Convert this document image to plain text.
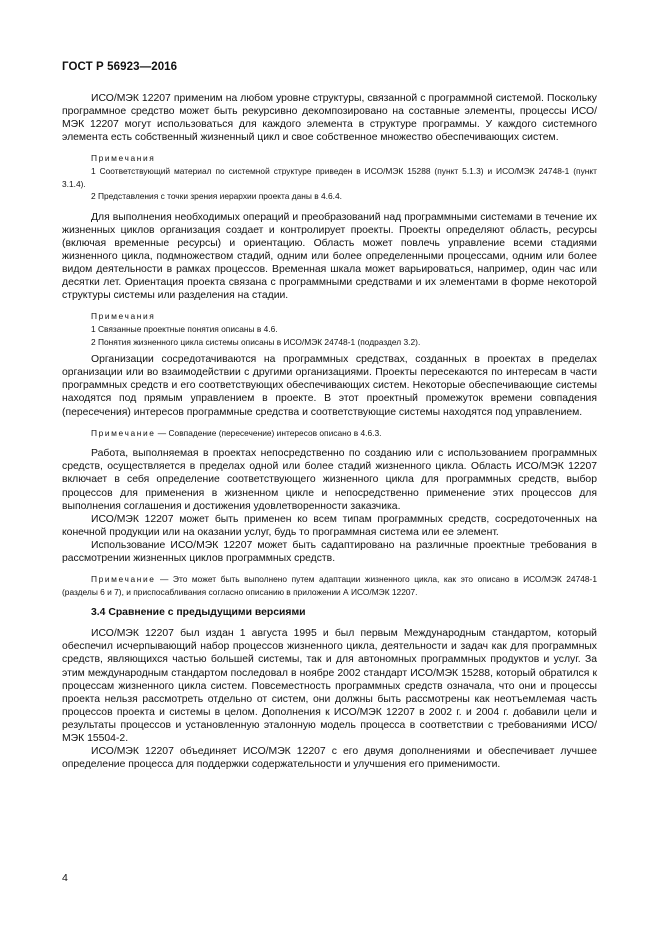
ГОСТ Р 56923—2016

ИСО/МЭК 12207 применим на любом уровне структуры, связанной с программной системой. Поскольку программное средство может быть рекурсивно декомпозировано на составные элементы, процессы ИСО/МЭК 12207 могут использоваться для каждого элемента в структуре программы. У каждого системного элемента есть собственный жизненный цикл и свое собственное множество обеспечивающих систем.

Примечания

1 Соответствующий материал по системной структуре приведен в ИСО/МЭК 15288 (пункт 5.1.3) и ИСО/МЭК 24748-1 (пункт 3.1.4).

2 Представления с точки зрения иерархии проекта даны в 4.6.4.

Для выполнения необходимых операций и преобразований над программными системами в течение их жизненных циклов организация создает и контролирует проекты. Проекты определяют область, ресурсы (включая временные ресурсы) и ориентацию. Область может повлечь управление всеми стадиями жизненного цикла, подмножеством стадий, одним или более определенными процессами, одним или более видом деятельности в рамках процессов. Временная шкала может варьироваться, например, один час или десятки лет. Ориентация проекта связана с программными средствами и их элементами в форме некоторой структуры системы или разделения на стадии.

Примечания

1 Связанные проектные понятия описаны в 4.6.

2 Понятия жизненного цикла системы описаны в ИСО/МЭК 24748-1 (подраздел 3.2).

Организации сосредотачиваются на программных средствах, созданных в проектах в пределах организации или во взаимодействии с другими организациями. Проекты пересекаются по интересам в части программных средств и его соответствующих обеспечивающих систем. Некоторые обеспечивающие системы находятся под прямым управлением в проекте. В этот проектный промежуток времени совпадения (пересечения) интересов программные средства и соответствующие системы находятся под управлением.

Примечание — Совпадение (пересечение) интересов описано в 4.6.3.

Работа, выполняемая в проектах непосредственно по созданию или с использованием программных средств, осуществляется в пределах одной или более стадий жизненного цикла. Область ИСО/МЭК 12207 включает в себя определение соответствующего жизненного цикла для программных средств, выбор процессов для применения в жизненном цикле и непосредственно применение этих процессов для выполнения соглашения и достижения удовлетворенности заказчика.

ИСО/МЭК 12207 может быть применен ко всем типам программных средств, сосредоточенных на конечной продукции или на оказании услуг, будь то программная система или ее элемент.

Использование ИСО/МЭК 12207 может быть садаптировано на различные проектные требования в рассмотрении жизненных циклов программных средств.

Примечание — Это может быть выполнено путем адаптации жизненного цикла, как это описано в ИСО/МЭК 24748-1 (разделы 6 и 7), и приспосабливания согласно описанию в приложении А ИСО/МЭК 12207.

3.4 Сравнение с предыдущими версиями

ИСО/МЭК 12207 был издан 1 августа 1995 и был первым Международным стандартом, который обеспечил исчерпывающий набор процессов жизненного цикла, деятельности и задач как для программных средств, являющихся частью большей системы, так и для автономных программных продуктов и услуг. За этим международным стандартом последовал в ноябре 2002 стандарт ИСО/МЭК 15288, который обратился к процессам жизненного цикла систем. Повсеместность программных средств означала, что они и процессы проекта нельзя рассмотреть отдельно от систем, они должны быть рассмотрены как неотъемлемая часть процессов проекта и системы в целом. Дополнения к ИСО/МЭК 12207 в 2002 г. и 2004 г. добавили цели и результаты процессов и установленную эталонную модель процесса в соответствии с требованиями ИСО/МЭК 15504-2.

ИСО/МЭК 12207 объединяет ИСО/МЭК 12207 с его двумя дополнениями и обеспечивает лучшее определение процесса для поддержки содержательности и улучшения его применимости.

4
